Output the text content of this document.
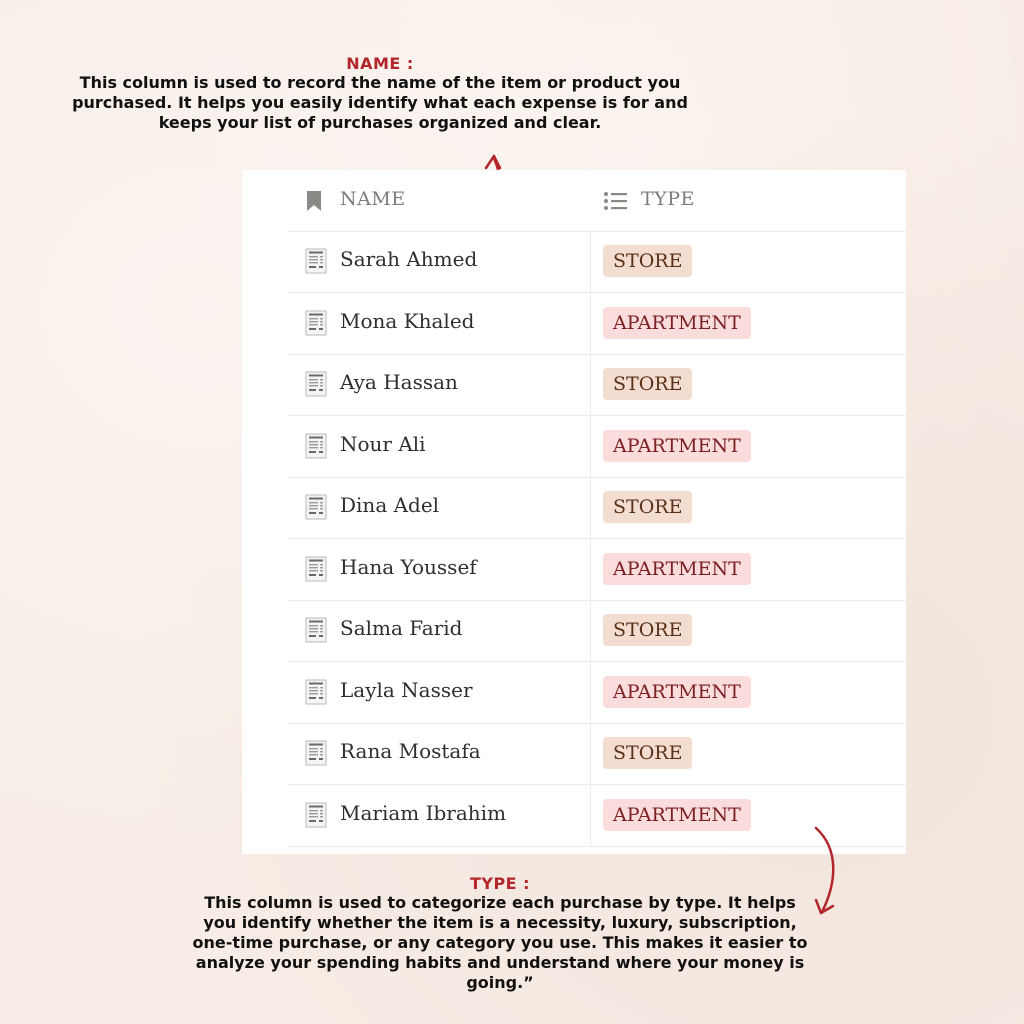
NAME :
This column is used to record the name of the item or product you purchased. It helps you easily identify what each expense is for and keeps your list of purchases organized and clear.
NAME	TYPE
Sarah Ahmed	STORE
Mona Khaled	APARTMENT
Aya Hassan	STORE
Nour Ali	APARTMENT
Dina Adel	STORE
Hana Youssef	APARTMENT
Salma Farid	STORE
Layla Nasser	APARTMENT
Rana Mostafa	STORE
Mariam Ibrahim	APARTMENT
TYPE :
This column is used to categorize each purchase by type. It helps you identify whether the item is a necessity, luxury, subscription, one-time purchase, or any category you use. This makes it easier to analyze your spending habits and understand where your money is going.”
